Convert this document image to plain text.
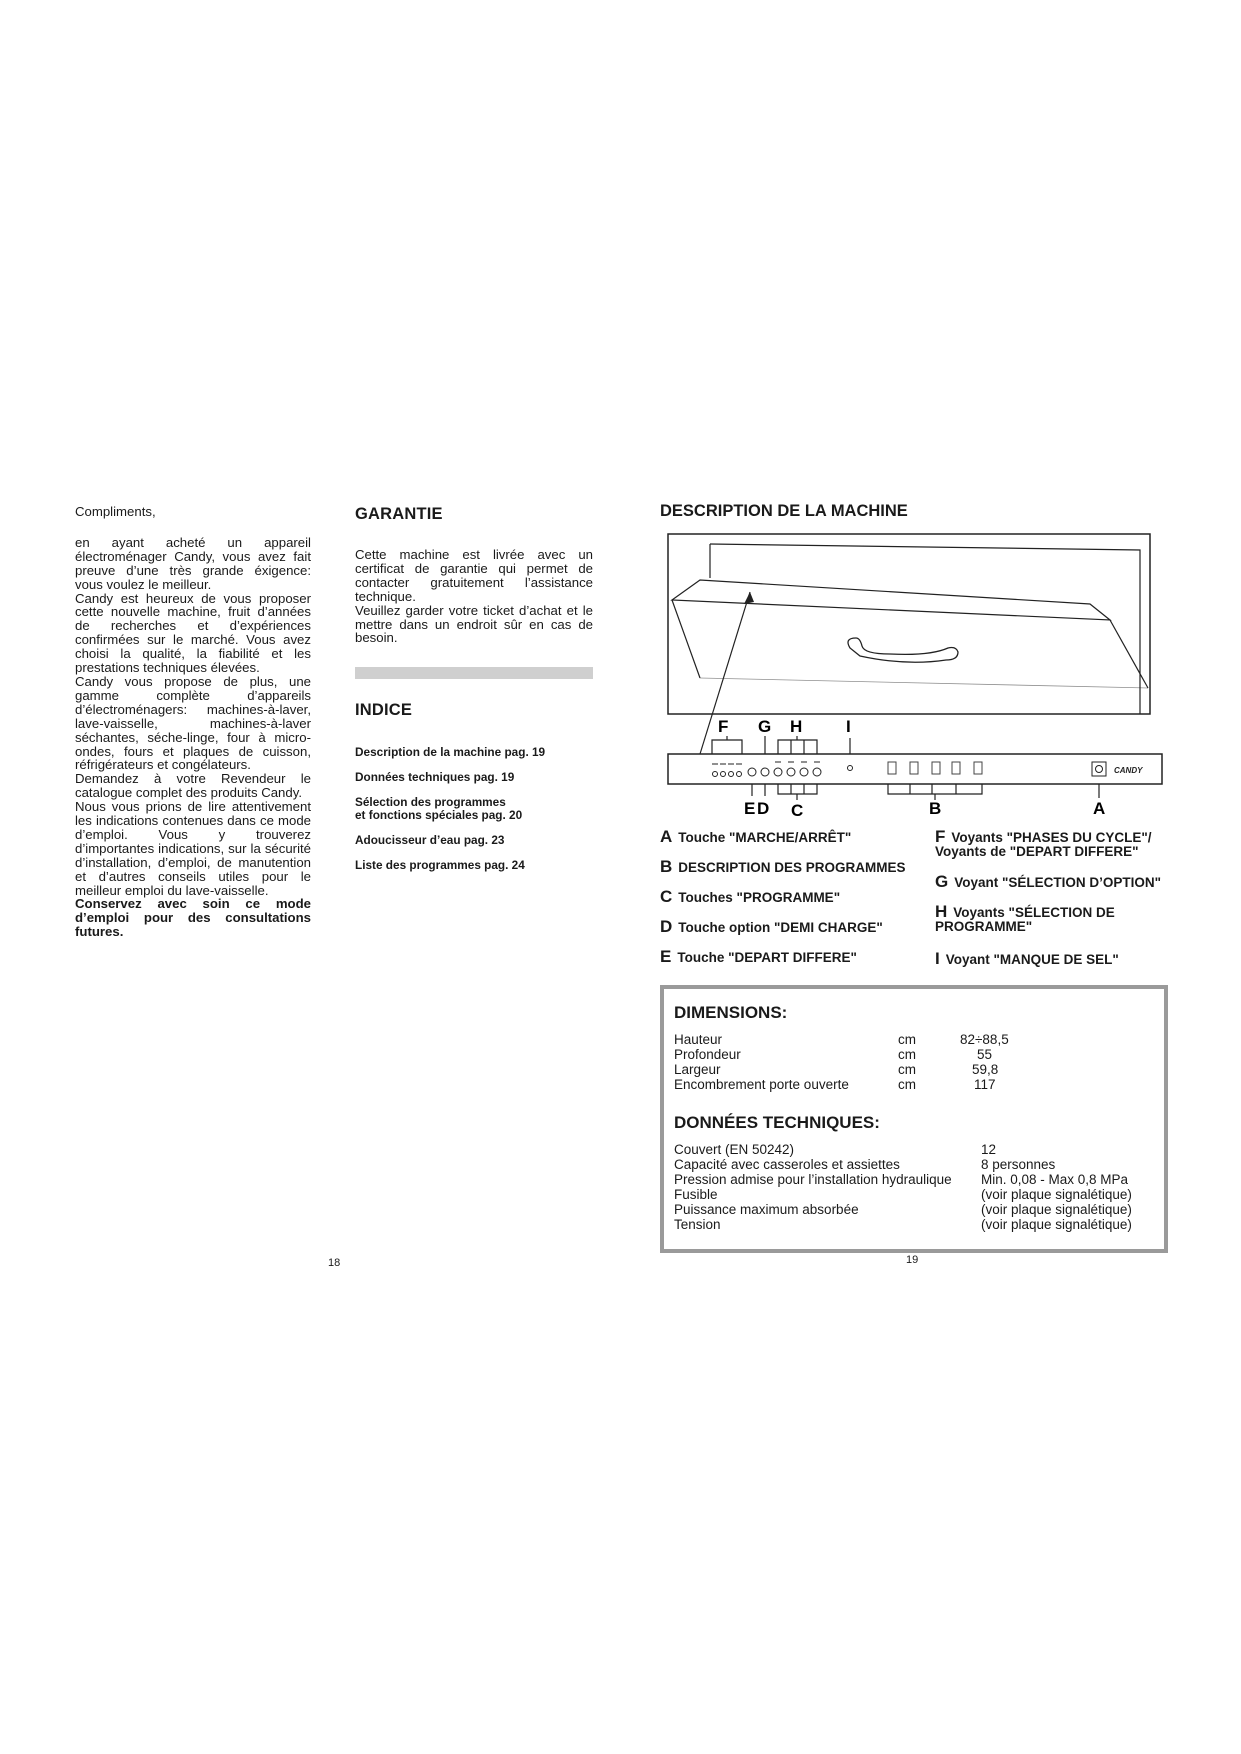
Compliments,

en ayant acheté un appareil électroménager Candy, vous avez fait preuve d’une très grande éxigence: vous voulez le meilleur.

Candy est heureux de vous proposer cette nouvelle machine, fruit d’années de recherches et d’expériences confirmées sur le marché. Vous avez choisi la qualité, la fiabilité et les prestations techniques élevées.

Candy vous propose de plus, une gamme complète d’appareils d’électroménagers: machines-à-laver, lave-vaisselle, machines-à-laver séchantes, séche-linge, four à micro-ondes, fours et plaques de cuisson, réfrigérateurs et congélateurs.

Demandez à votre Revendeur le catalogue complet des produits Candy.

Nous vous prions de lire attentivement les indications contenues dans ce mode d’emploi. Vous y trouverez d’importantes indications, sur la sécurité d’installation, d’emploi, de manutention et d’autres conseils utiles pour le meilleur emploi du lave-vaisselle.

Conservez avec soin ce mode d’emploi pour des consultations futures.

GARANTIE

Cette machine est livrée avec un certificat de garantie qui permet de contacter gratuitement l’assistance technique.

Veuillez garder votre ticket d’achat et le mettre dans un endroit sûr en cas de besoin.

INDICE
Description de la machine pag. 19
Données techniques pag. 19
Sélection des programmes
et fonctions spéciales pag. 20
Adoucisseur d’eau pag. 23
Liste des programmes pag. 24
18
DESCRIPTION DE LA MACHINE
CANDY
F G H	I
E D C	B	A
A Touche "MARCHE/ARRÊT"
B DESCRIPTION DES PROGRAMMES
C Touches "PROGRAMME"
D Touche option "DEMI CHARGE"
E Touche "DEPART DIFFERE"
F Voyants "PHASES DU CYCLE"/
Voyants de "DEPART DIFFERE"
G Voyant "SÉLECTION D’OPTION"
H Voyants "SÉLECTION DE
PROGRAMME"
I Voyant "MANQUE DE SEL"
DIMENSIONS:
Hauteur	cm	82÷88,5
Profondeur	cm	55
Largeur	cm	59,8
Encombrement porte ouverte	cm	117
DONNÉES TECHNIQUES:
Couvert (EN 50242)	12
Capacité avec casseroles et assiettes	8 personnes
Pression admise pour l’installation hydraulique Min. 0,08 - Max 0,8 MPa
Fusible	(voir plaque signalétique)
Puissance maximum absorbée	(voir plaque signalétique)
Tension	(voir plaque signalétique)
19
